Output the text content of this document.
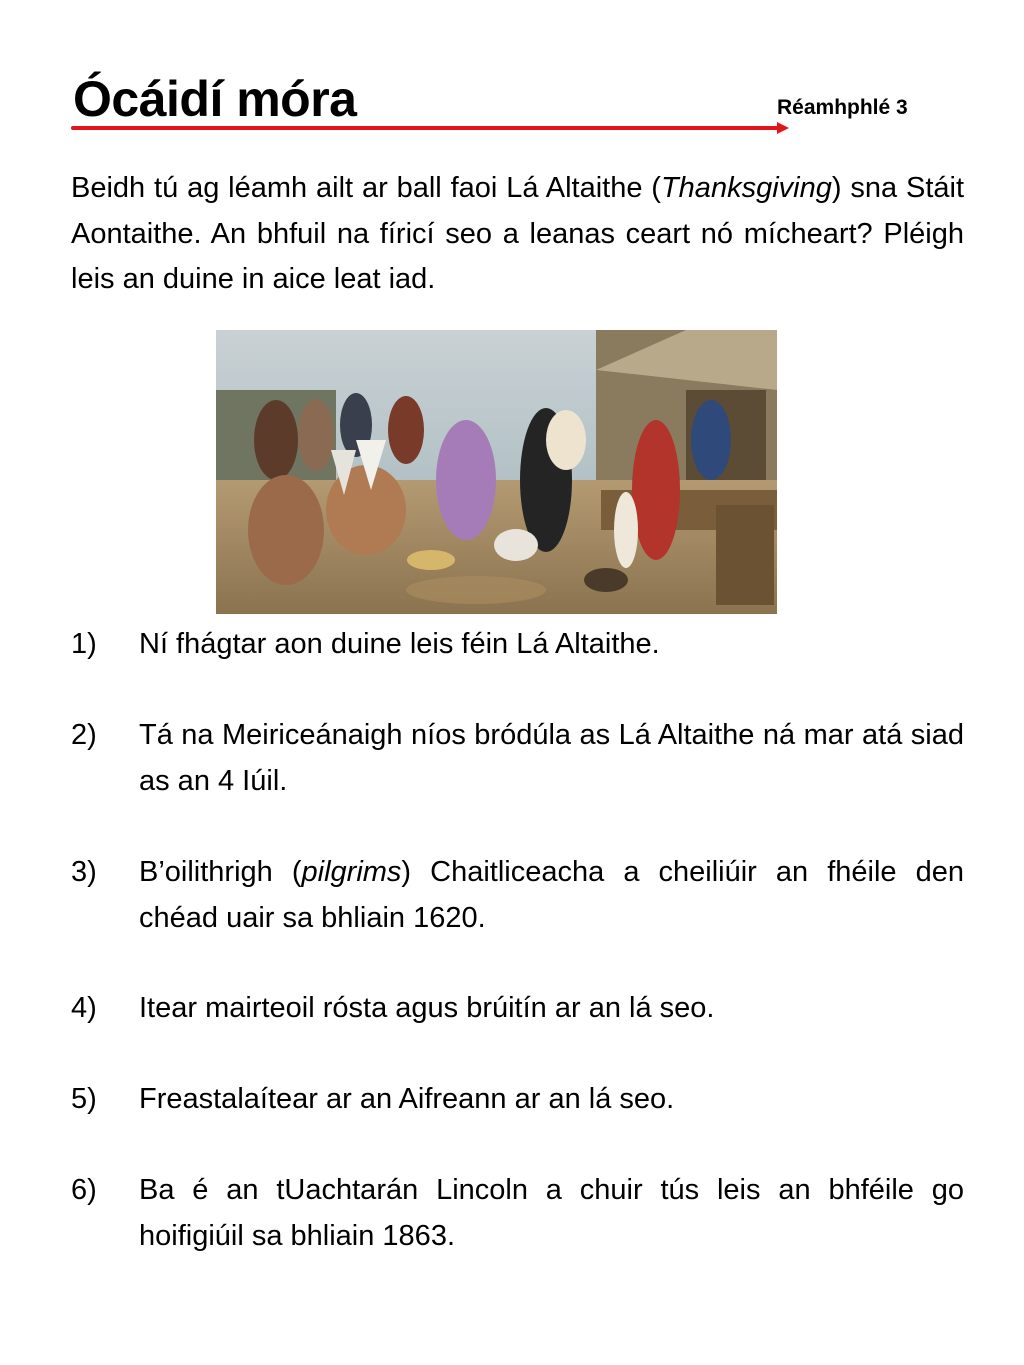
Ócáidí móra	Réamhphlé 3
Beidh tú ag léamh ailt ar ball faoi Lá Altaithe (Thanksgiving) sna Stáit Aontaithe. An bhfuil na fíricí seo a leanas ceart nó mícheart? Pléigh leis an duine in aice leat iad.
1)	Ní fhágtar aon duine leis féin Lá Altaithe.
2)	Tá na Meiriceánaigh níos bródúla as Lá Altaithe ná mar atá siad as an 4 Iúil.
3)	B’oilithrigh (pilgrims) Chaitliceacha a cheiliúir an fhéile den chéad uair sa bhliain 1620.
4)	Itear mairteoil rósta agus brúitín ar an lá seo.
5)	Freastalaítear ar an Aifreann ar an lá seo.
6)	Ba é an tUachtarán Lincoln a chuir tús leis an bhféile go hoifigiúil sa bhliain 1863.
